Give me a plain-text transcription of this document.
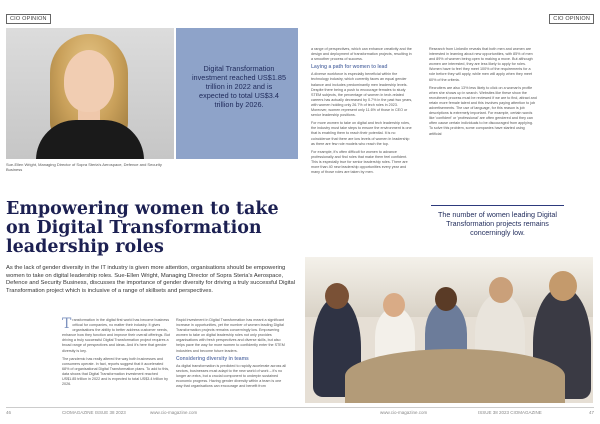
CIO OPINION	CIO OPINION
Sue-Ellen Wright, Managing Director of Sopra Steria's Aerospace, Defence and Security Business
Digital Transformation investment reached US$1.85 trillion in 2022 and is expected to total US$3.4 trillion by 2026.
Empowering women to take on Digital Transformation leadership roles

As the lack of gender diversity in the IT industry is given more attention, organisations should be empowering women to take on digital leadership roles. Sue-Ellen Wright, Managing Director of Sopra Steria's Aerospace, Defence and Security Business, discusses the importance of gender diversity for driving a truly successful Digital Transformation project which is inclusive of a range of skillsets and perspectives.

Transformation in the digital first world has become business critical for companies, no matter their industry. It gives organisations the ability to better address customer needs, enhance how they function and improve their overall offerings. But driving a truly successful Digital Transformation project requires a broad range of perspectives and ideas. And it's here that gender diversity is key.

The pandemic has really altered the way both businesses and consumers operate. In fact, reports suggest that it accelerated 68% of organisational Digital Transformation plans. To add to this, data shows that Digital Transformation investment reached US$1.85 trillion in 2022 and is expected to total US$3.4 trillion by 2026.

Rapid investment in Digital Transformation has meant a significant increase in opportunities, yet the number of women leading Digital Transformation projects remains concerningly low. Empowering women to take on digital leadership roles not only provides organisations with fresh perspectives and diverse skills, but also helps pave the way for more women to confidently enter the STEM industries and become future leaders.

Considering diversity in teams

As digital transformation is predicted to rapidly accelerate across all sectors, businesses must adapt to the new world of work – it's no longer an extra, but a crucial component to underpin sustained economic progress. Having gender diversity within a team is one way that organisations can encourage and benefit from

a range of perspectives, which can enhance creativity and the design and deployment of transformation projects, resulting in a smoother process of success.

Laying a path for women to lead

A diverse workforce is especially beneficial within the technology industry, which currently faces an equal gender balance and includes predominantly men leadership levels. Despite there being a push to encourage females to study STEM subjects, the percentage of women in tech-related careers has actually decreased by 0.7% in the past two years, with women holding only 26.7% of tech roles in 2023. Moreover, women represent only 11.6% of those in CEO or senior leadership positions.

For more women to take on digital and tech leadership roles, the industry must take steps to ensure the environment is one that is enabling them to reach their potential. It is no coincidence that there are low levels of women in leadership as there are few role models who reach the top.

For example, it's often difficult for women to advance professionally and find roles that make them feel confident. This is especially true for senior leadership roles. There are more than 40 new leadership opportunities every year and many of those roles are taken by men.

Research from LinkedIn reveals that both men and women are interested in learning about new opportunities, with 85% of men and 89% of women being open to making a move. But although women are interested, they are less likely to apply for roles. Women have to feel they meet 100% of the requirements for a role before they will apply, while men will apply when they meet 60% of the criteria.

Recruiters are also 13% less likely to click on a woman's profile when she shows up in search. Websites like these show the recruitment process must be reviewed if we are to find, attract and retain more female talent and this involves paying attention to job advertisements. The use of language, for this reason is job descriptions is extremely important. For example, certain words like 'confident' or 'professional' are often gendered and they can often cause certain individuals to be discouraged from applying. To solve this problem, some companies have started using artificial

The number of women leading Digital Transformation projects remains concerningly low.
46	CIOMAGAZINE ISSUE 38 2023	www.cio-magazine.com	www.cio-magazine.com	ISSUE 38 2023 CIOMAGAZINE	47
